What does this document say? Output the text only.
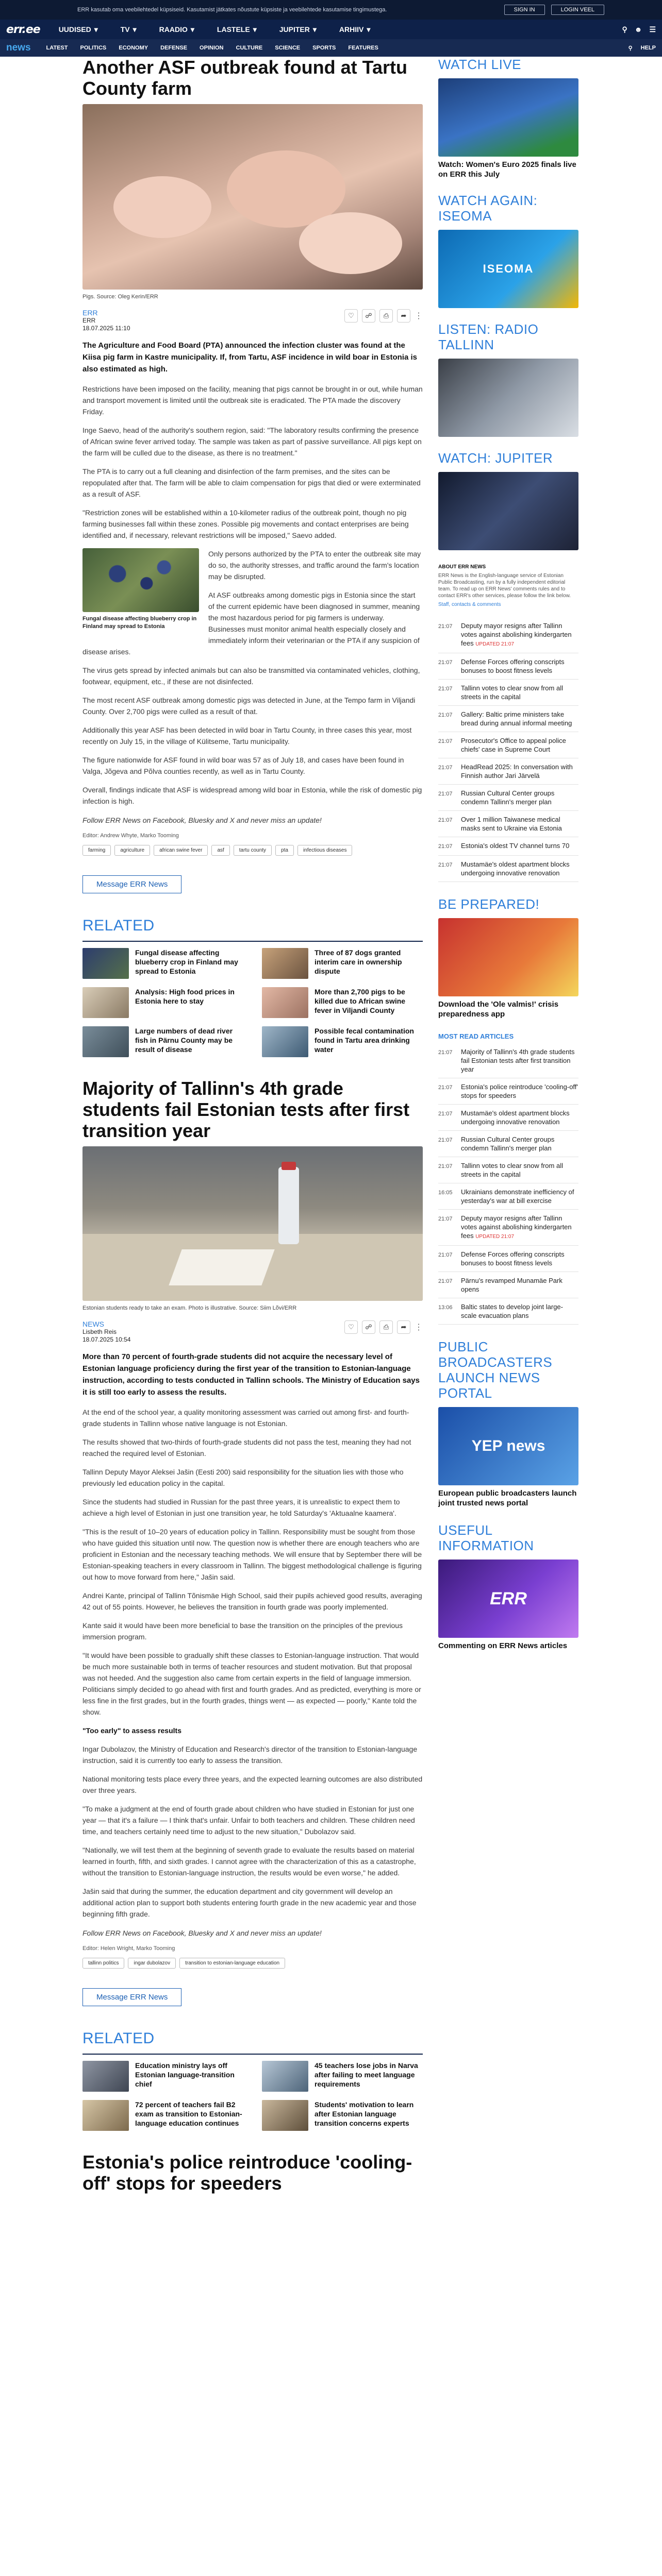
ERR kasutab oma veebilehtedel küpsiseid. Kasutamist jätkates nõustute küpsiste ja veebilehtede kasutamise tingimustega.	SIGN IN	LOGIN VEEL
err.ee	UUDISED ▾	TV ▾	RAADIO ▾	LASTELE ▾	JUPITER ▾	ARHIIV ▾	⚲ ☻ ☰
news	LATEST POLITICS ECONOMY DEFENSE OPINION CULTURE SCIENCE SPORTS FEATURES	⚲ HELP
Another ASF outbreak found at Tartu County farm

Pigs. Source: Oleg Kerin/ERR

ERR
ERR
18.07.2025 11:10
♡	☍	⎙	➦ ⋮

The Agriculture and Food Board (PTA) announced the infection cluster was found at the Kiisa pig farm in Kastre municipality. If, from Tartu, ASF incidence in wild boar in Estonia is also estimated as high.

Restrictions have been imposed on the facility, meaning that pigs cannot be brought in or out, while human and transport movement is limited until the outbreak site is eradicated. The PTA made the discovery Friday.

Inge Saevo, head of the authority's southern region, said: "The laboratory results confirming the presence of African swine fever arrived today. The sample was taken as part of passive surveillance. All pigs kept on the farm will be culled due to the disease, as there is no treatment."

The PTA is to carry out a full cleaning and disinfection of the farm premises, and the sites can be repopulated after that. The farm will be able to claim compensation for pigs that died or were exterminated as a result of ASF.

"Restriction zones will be established within a 10-kilometer radius of the outbreak point, though no pig farming businesses fall within these zones. Possible pig movements and contact enterprises are being identified and, if necessary, relevant restrictions will be imposed," Saevo added.

Fungal disease affecting blueberry crop in Finland may spread to Estonia

Only persons authorized by the PTA to enter the outbreak site may do so, the authority stresses, and traffic around the farm's location may be disrupted.

At ASF outbreaks among domestic pigs in Estonia since the start of the current epidemic have been diagnosed in summer, meaning the most hazardous period for pig farmers is underway. Businesses must monitor animal health especially closely and immediately inform their veterinarian or the PTA if any suspicion of disease arises.

The virus gets spread by infected animals but can also be transmitted via contaminated vehicles, clothing, footwear, equipment, etc., if these are not disinfected.

The most recent ASF outbreak among domestic pigs was detected in June, at the Tempo farm in Viljandi County. Over 2,700 pigs were culled as a result of that.

Additionally this year ASF has been detected in wild boar in Tartu County, in three cases this year, most recently on July 15, in the village of Külitseme, Tartu municipality.

The figure nationwide for ASF found in wild boar was 57 as of July 18, and cases have been found in Valga, Jõgeva and Põlva counties recently, as well as in Tartu County.

Overall, findings indicate that ASF is widespread among wild boar in Estonia, while the risk of domestic pig infection is high.

Follow ERR News on Facebook, Bluesky and X and never miss an update!

Editor: Andrew Whyte, Marko Tooming

farming	agriculture	african swine fever	asf	tartu county	pta	infectious diseases
Message ERR News
RELATED
Fungal disease affecting blueberry crop in Finland may spread to Estonia
Three of 87 dogs granted interim care in ownership dispute
Analysis: High food prices in Estonia here to stay
More than 2,700 pigs to be killed due to African swine fever in Viljandi County
Large numbers of dead river fish in Pärnu County may be result of disease
Possible fecal contamination found in Tartu area drinking water
Majority of Tallinn's 4th grade students fail Estonian tests after first transition year

Estonian students ready to take an exam. Photo is illustrative. Source: Siim Lõvi/ERR

NEWS
Lisbeth Reis
18.07.2025 10:54
♡	☍	⎙	➦ ⋮

More than 70 percent of fourth-grade students did not acquire the necessary level of Estonian language proficiency during the first year of the transition to Estonian-language instruction, according to tests conducted in Tallinn schools. The Ministry of Education says it is still too early to assess the results.

At the end of the school year, a quality monitoring assessment was carried out among first- and fourth-grade students in Tallinn whose native language is not Estonian.

The results showed that two-thirds of fourth-grade students did not pass the test, meaning they had not reached the required level of Estonian.

Tallinn Deputy Mayor Aleksei Jašin (Eesti 200) said responsibility for the situation lies with those who previously led education policy in the capital.

Since the students had studied in Russian for the past three years, it is unrealistic to expect them to achieve a high level of Estonian in just one transition year, he told Saturday's 'Aktuaalne kaamera'.

"This is the result of 10–20 years of education policy in Tallinn. Responsibility must be sought from those who have guided this situation until now. The question now is whether there are enough teachers who are proficient in Estonian and the necessary teaching methods. We will ensure that by September there will be Estonian-speaking teachers in every classroom in Tallinn. The biggest methodological challenge is figuring out how to move forward from here," Jašin said.

Andrei Kante, principal of Tallinn Tõnismäe High School, said their pupils achieved good results, averaging 42 out of 55 points. However, he believes the transition in fourth grade was poorly implemented.

Kante said it would have been more beneficial to base the transition on the principles of the previous immersion program.

"It would have been possible to gradually shift these classes to Estonian-language instruction. That would be much more sustainable both in terms of teacher resources and student motivation. But that proposal was not heeded. And the suggestion also came from certain experts in the field of language immersion. Politicians simply decided to go ahead with first and fourth grades. And as predicted, everything is more or less fine in the first grades, but in the fourth grades, things went — as expected — poorly," Kante told the show.

"Too early" to assess results

Ingar Dubolazov, the Ministry of Education and Research's director of the transition to Estonian-language instruction, said it is currently too early to assess the transition.

National monitoring tests place every three years, and the expected learning outcomes are also distributed over three years.

"To make a judgment at the end of fourth grade about children who have studied in Estonian for just one year — that it's a failure — I think that's unfair. Unfair to both teachers and children. These children need time, and teachers certainly need time to adjust to the new situation," Dubolazov said.

"Nationally, we will test them at the beginning of seventh grade to evaluate the results based on material learned in fourth, fifth, and sixth grades. I cannot agree with the characterization of this as a catastrophe, without the transition to Estonian-language instruction, the results would be even worse," he added.

Jašin said that during the summer, the education department and city government will develop an additional action plan to support both students entering fourth grade in the new academic year and those beginning fifth grade.

Follow ERR News on Facebook, Bluesky and X and never miss an update!

Editor: Helen Wright, Marko Tooming

tallinn politics	ingar dubolazov	transition to estonian-language education
Message ERR News
RELATED
Education ministry lays off Estonian language-transition chief
45 teachers lose jobs in Narva after failing to meet language requirements
72 percent of teachers fail B2 exam as transition to Estonian-language education continues
Students' motivation to learn after Estonian language transition concerns experts
Estonia's police reintroduce 'cooling-off' stops for speeders
WATCH LIVE
Watch: Women's Euro 2025 finals live on ERR this July
WATCH AGAIN: ISEOMA
ISEOMA
LISTEN: RADIO TALLINN
WATCH: JUPITER
ABOUT ERR NEWS

ERR News is the English-language service of Estonian Public Broadcasting, run by a fully independent editorial team. To read up on ERR News' comments rules and to contact ERR's other services, please follow the link below.

Staff, contacts & comments

21:07 Deputy mayor resigns after Tallinn votes against abolishing kindergarten fees UPDATED 21:07
21:07 Defense Forces offering conscripts bonuses to boost fitness levels
21:07 Tallinn votes to clear snow from all streets in the capital
21:07 Gallery: Baltic prime ministers take bread during annual informal meeting
21:07 Prosecutor's Office to appeal police chiefs' case in Supreme Court
21:07 HeadRead 2025: In conversation with Finnish author Jari Järvelä
21:07 Russian Cultural Center groups condemn Tallinn's merger plan
21:07 Over 1 million Taiwanese medical masks sent to Ukraine via Estonia
21:07 Estonia's oldest TV channel turns 70
21:07 Mustamäe's oldest apartment blocks undergoing innovative renovation
BE PREPARED!
Download the 'Ole valmis!' crisis preparedness app
MOST READ ARTICLES
21:07 Majority of Tallinn's 4th grade students fail Estonian tests after first transition year
21:07 Estonia's police reintroduce 'cooling-off' stops for speeders
21:07 Mustamäe's oldest apartment blocks undergoing innovative renovation
21:07 Russian Cultural Center groups condemn Tallinn's merger plan
21:07 Tallinn votes to clear snow from all streets in the capital
16:05 Ukrainians demonstrate inefficiency of yesterday's war at bill exercise
21:07 Deputy mayor resigns after Tallinn votes against abolishing kindergarten fees UPDATED 21:07
21:07 Defense Forces offering conscripts bonuses to boost fitness levels
21:07 Pärnu's revamped Munamäe Park opens
13:06 Baltic states to develop joint large-scale evacuation plans
PUBLIC BROADCASTERS LAUNCH NEWS PORTAL
YEP news
European public broadcasters launch joint trusted news portal
USEFUL INFORMATION
ERR
Commenting on ERR News articles
